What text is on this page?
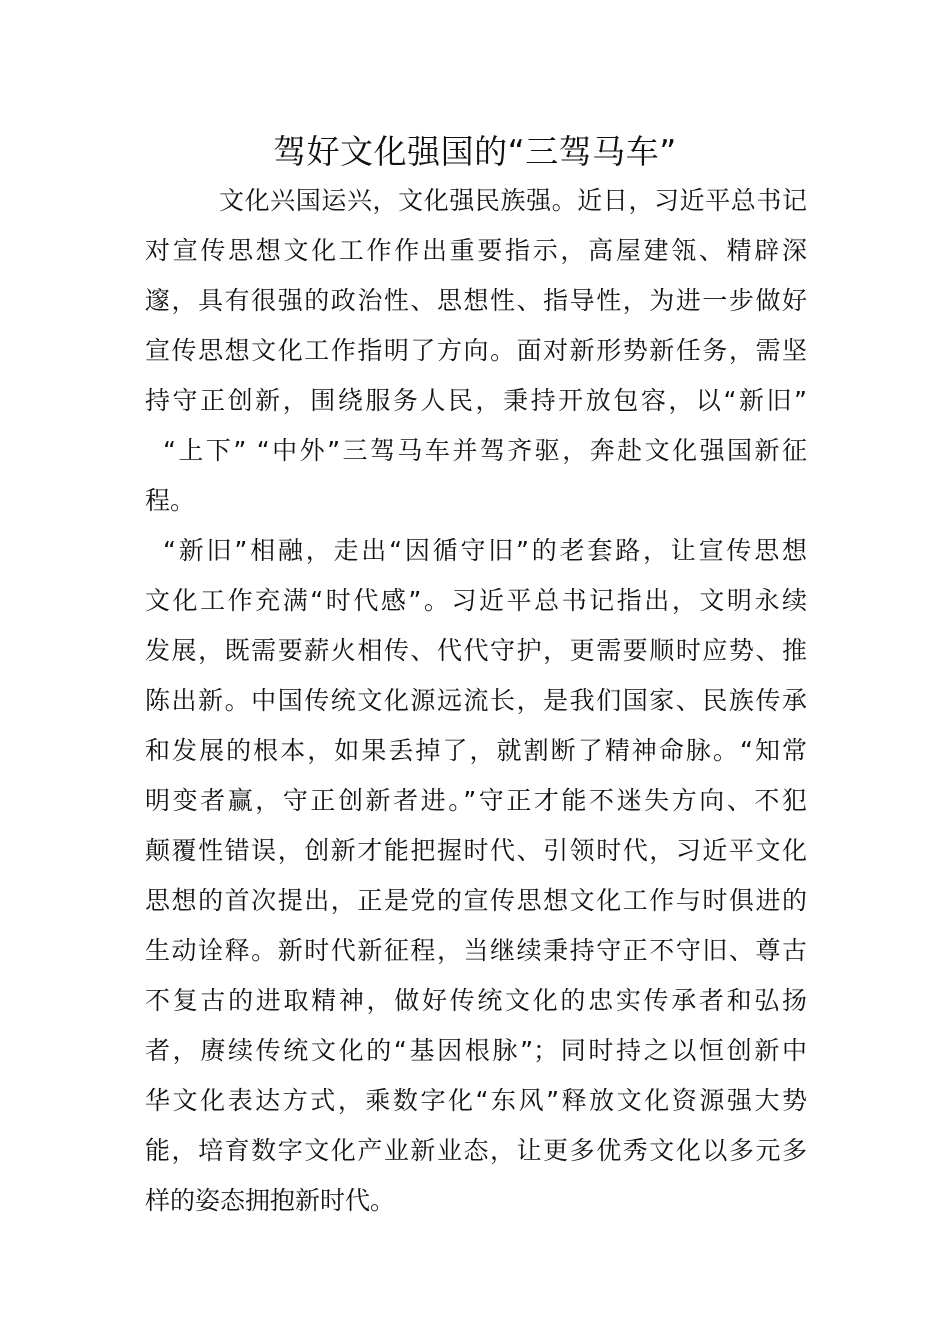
驾好文化强国的“三驾马车”
文化兴国运兴，文化强民族强。近日，习近平总书记
对宣传思想文化工作作出重要指示，高屋建瓴、精辟深
邃，具有很强的政治性、思想性、指导性，为进一步做好
宣传思想文化工作指明了方向。面对新形势新任务，需坚
持守正创新，围绕服务人民，秉持开放包容，以“新旧”
“上下” “中外”三驾马车并驾齐驱，奔赴文化强国新征
程。
“新旧”相融，走出“因循守旧”的老套路，让宣传思想
文化工作充满“时代感”。习近平总书记指出，文明永续
发展，既需要薪火相传、代代守护，更需要顺时应势、推
陈出新。中国传统文化源远流长，是我们国家、民族传承
和发展的根本，如果丢掉了，就割断了精神命脉。“知常
明变者赢，守正创新者进。”守正才能不迷失方向、不犯
颠覆性错误，创新才能把握时代、引领时代，习近平文化
思想的首次提出，正是党的宣传思想文化工作与时俱进的
生动诠释。新时代新征程，当继续秉持守正不守旧、尊古
不复古的进取精神，做好传统文化的忠实传承者和弘扬
者，赓续传统文化的“基因根脉”；同时持之以恒创新中
华文化表达方式，乘数字化“东风”释放文化资源强大势
能，培育数字文化产业新业态，让更多优秀文化以多元多
样的姿态拥抱新时代。
